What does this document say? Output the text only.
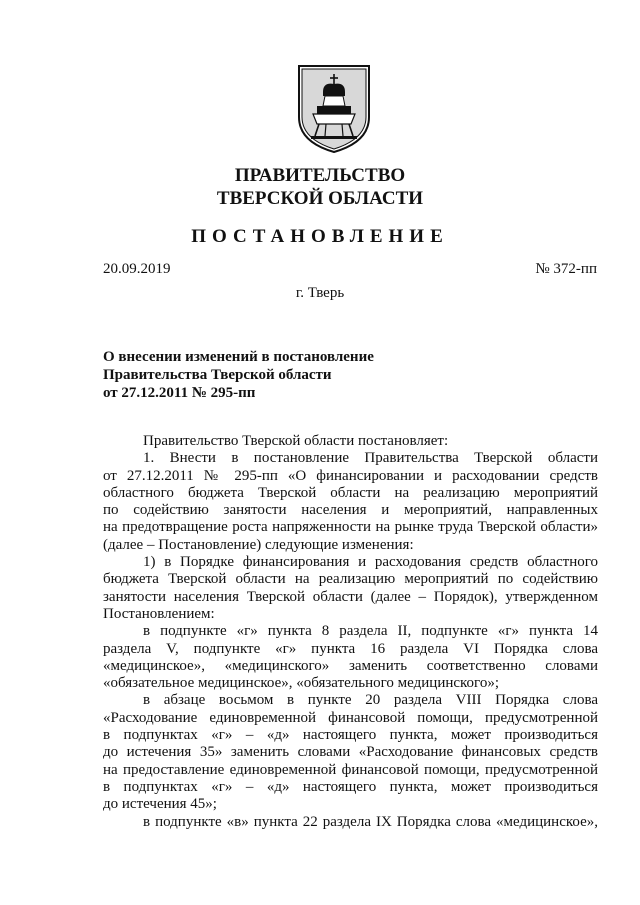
ПРАВИТЕЛЬСТВО
ТВЕРСКОЙ ОБЛАСТИ
ПОСТАНОВЛЕНИЕ
20.09.2019	№ 372-пп
г. Тверь
О внесении изменений в постановление
Правительства Тверской области
от 27.12.2011 № 295-пп
Правительство Тверской области постановляет:
1. Внести в постановление Правительства Тверской области
от 27.12.2011 № 295-пп «О финансировании и расходовании средств
областного бюджета Тверской области на реализацию мероприятий
по содействию занятости населения и мероприятий, направленных
на предотвращение роста напряженности на рынке труда Тверской области»
(далее – Постановление) следующие изменения:
1) в Порядке финансирования и расходования средств областного
бюджета Тверской области на реализацию мероприятий по содействию
занятости населения Тверской области (далее – Порядок), утвержденном
Постановлением:
в подпункте «г» пункта 8 раздела II, подпункте «г» пункта 14
раздела V, подпункте «г» пункта 16 раздела VI Порядка слова
«медицинское», «медицинского» заменить соответственно словами
«обязательное медицинское», «обязательного медицинского»;
в абзаце восьмом в пункте 20 раздела VIII Порядка слова
«Расходование единовременной финансовой помощи, предусмотренной
в подпунктах «г» – «д» настоящего пункта, может производиться
до истечения 35» заменить словами «Расходование финансовых средств
на предоставление единовременной финансовой помощи, предусмотренной
в подпунктах «г» – «д» настоящего пункта, может производиться
до истечения 45»;
в подпункте «в» пункта 22 раздела IX Порядка слова «медицинское»,
